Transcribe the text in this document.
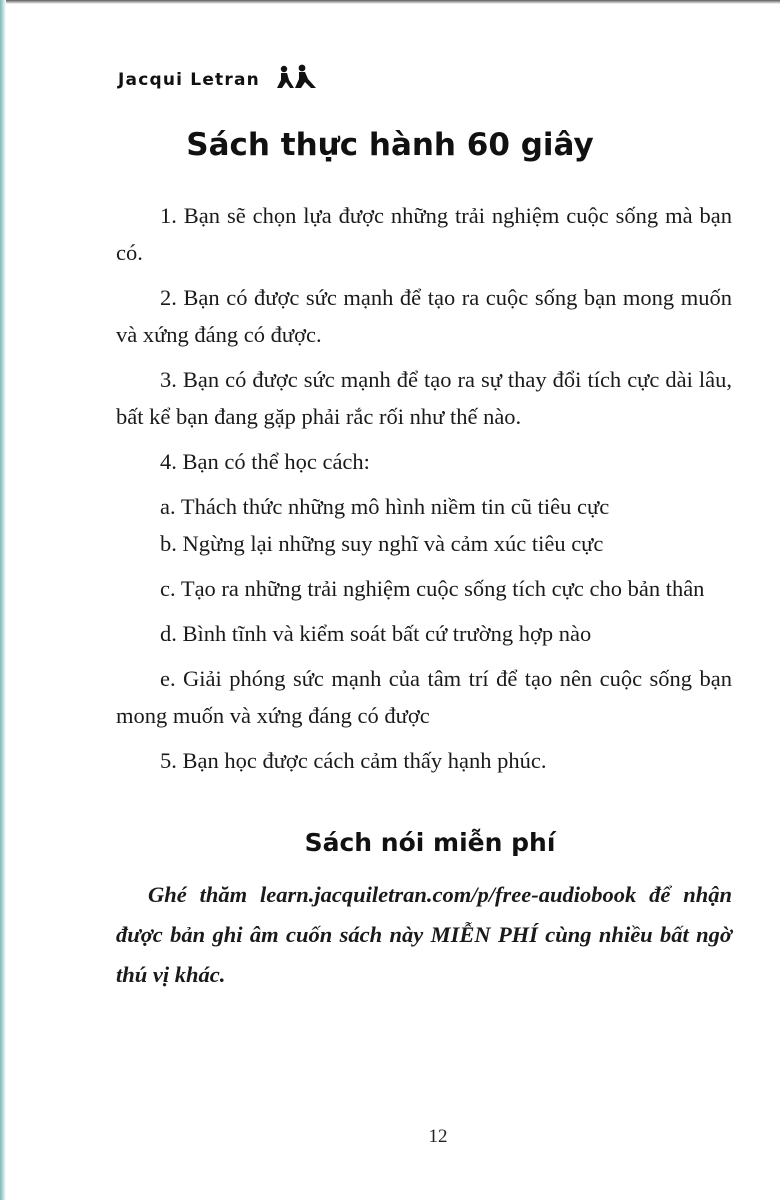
Jacqui Letran
Sách thực hành 60 giây

1. Bạn sẽ chọn lựa được những trải nghiệm cuộc sống mà bạn có.

2. Bạn có được sức mạnh để tạo ra cuộc sống bạn mong muốn và xứng đáng có được.

3. Bạn có được sức mạnh để tạo ra sự thay đổi tích cực dài lâu, bất kể bạn đang gặp phải rắc rối như thế nào.

4. Bạn có thể học cách:

a. Thách thức những mô hình niềm tin cũ tiêu cực

b. Ngừng lại những suy nghĩ và cảm xúc tiêu cực

c. Tạo ra những trải nghiệm cuộc sống tích cực cho bản thân

d. Bình tĩnh và kiểm soát bất cứ trường hợp nào

e. Giải phóng sức mạnh của tâm trí để tạo nên cuộc sống bạn mong muốn và xứng đáng có được

5. Bạn học được cách cảm thấy hạnh phúc.

Sách nói miễn phí

Ghé thăm learn.jacquiletran.com/p/free-audiobook để nhận được bản ghi âm cuốn sách này MIỄN PHÍ cùng nhiều bất ngờ thú vị khác.

12
